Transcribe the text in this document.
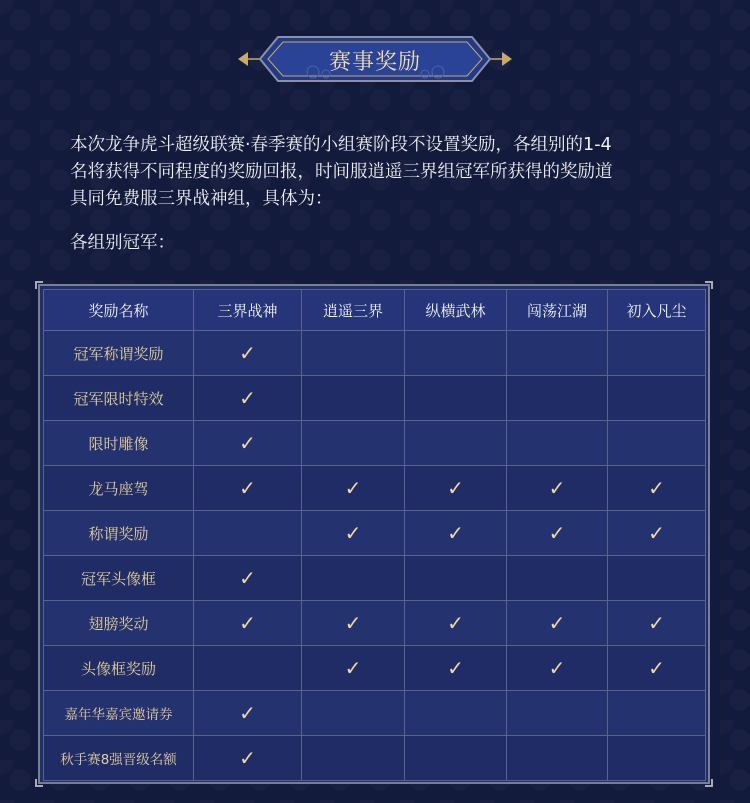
赛事奖励
本次龙争虎斗超级联赛·春季赛的小组赛阶段不设置奖励，各组别的1-4
名将获得不同程度的奖励回报，时间服逍遥三界组冠军所获得的奖励道
具同免费服三界战神组，具体为：
各组别冠军：
奖励名称	三界战神	逍遥三界	纵横武林	闯荡江湖	初入凡尘
冠军称谓奖励	✓				
冠军限时特效	✓				
限时雕像	✓				
龙马座驾	✓	✓	✓	✓	✓
称谓奖励		✓	✓	✓	✓
冠军头像框	✓				
翅膀奖动	✓	✓	✓	✓	✓
头像框奖励		✓	✓	✓	✓
嘉年华嘉宾邀请券	✓				
秋手赛8强晋级名额	✓				
